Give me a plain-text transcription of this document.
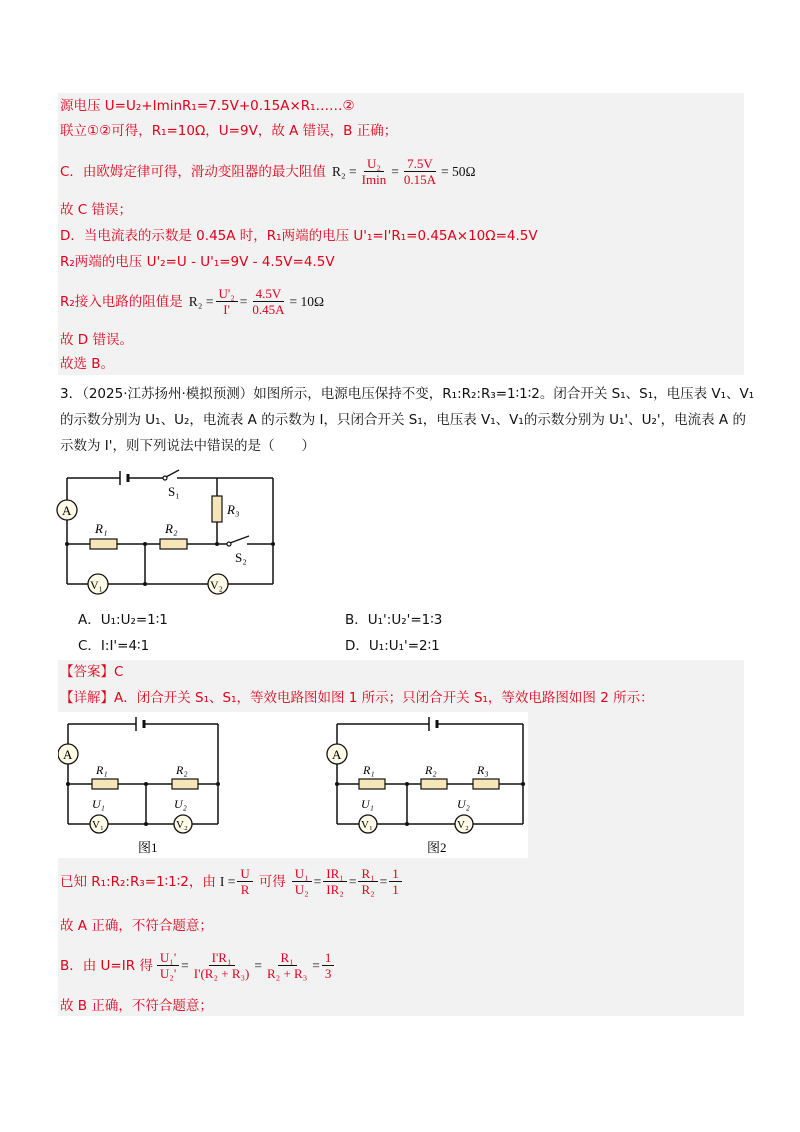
源电压 U=U₂+IminR₁=7.5V+0.15A×R₁……②
联立①②可得，R₁=10Ω，U=9V，故 A 错误，B 正确；
C．由欧姆定律可得，滑动变阻器的最大阻值 $R_2 = \frac{\text{U₂}}{Imin} = \frac{7.5V}{0.15A} = 50\Omega$
故 C 错误；
D．当电流表的示数是 0.45A 时，R₁两端的电压 U'₁=I'R₁=0.45A×10Ω=4.5V
R₂两端的电压 U'₂=U - U'₁=9V - 4.5V=4.5V
R₂接入电路的阻值是 $R_2 = \frac{\text{U'₂}}{I'} = \frac{4.5V}{0.45A} = 10\Omega$
故 D 错误。
故选 B。
3．（2025·江苏扬州·模拟预测）如图所示，电源电压保持不变，R₁:R₂:R₃=1∶1∶2。闭合开关 S₁、S₁，电压表 V₁、V₁
的示数分别为 U₁、U₂，电流表 A 的示数为 I，只闭合开关 S₁，电压表 V₁、V₁的示数分别为 U₁'、U₂'，电流表 A 的
示数为 I'，则下列说法中错误的是（　　）
S₁
A
R₁	R₂
R₃
S₂
V₁	V₂
A．U₁:U₂=1∶1	B．U₁':U₂'=1∶3
C．I:I'=4∶1	D．U₁:U₁'=2∶1
【答案】C
【详解】A．闭合开关 S₁、S₁，等效电路图如图 1 所示；只闭合开关 S₁，等效电路图如图 2 所示：
A
R₁	R₂
U₁	U₂
V₁	V₂
图1
A
R₁	R₂	R₃
U₁	U₂
V₁	V₂
图2
已知 R₁:R₂:R₃=1∶1∶2，由 $I = \frac{U}{R}$ 可得 $\frac{\text{U₁}}{\text{U₂}} = \frac{\text{IR₁}}{\text{IR₂}} = \frac{\text{R₁}}{\text{R₂}} = \frac{1}{1}$
故 A 正确，不符合题意；
B．由 U=IR 得 $\frac{\text{U₁'}}{\text{U₂'}} = \frac{\text{I'R₁}}{\text{I'(R₂ + R₃)}} = \frac{\text{R₁}}{\text{R₂ + R₃}} = \frac{1}{3}$
故 B 正确，不符合题意；
